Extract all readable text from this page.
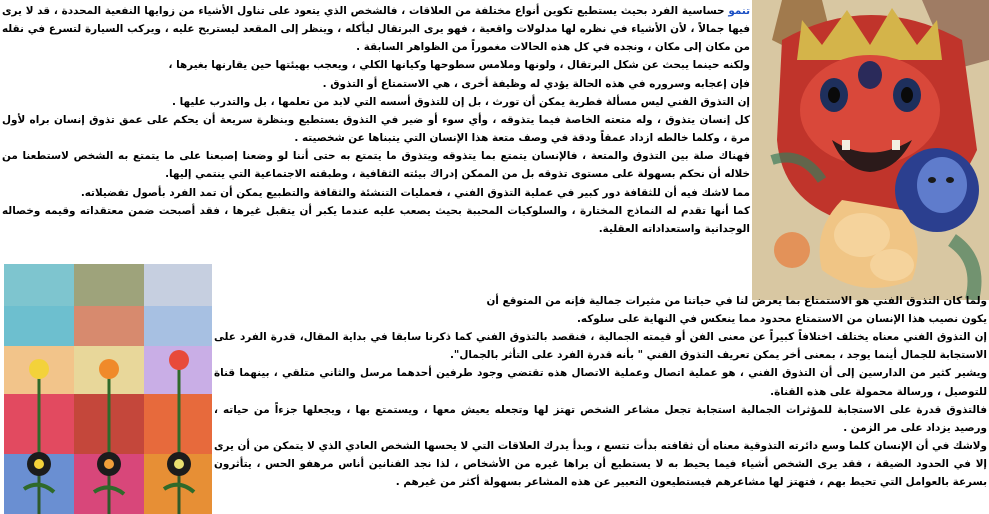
تنمو حساسية الفرد بحيث يستطيع تكوين أنواع مختلفة من العلاقات ، فالشخص الذي يتعود على تناول الأشياء من زوايها النفعية المحددة ، قد لا يرى فيها جمالاً ، لأن الأشياء في نظره لها مدلولات واقعية ، فهو يرى البرتقال ليأكله ، وينظر إلى المقعد ليستريح عليه ، ويركب السيارة لتسرع في نقله من مكان إلى مكان ، ونجده في كل هذه الحالات مغموراً من الظواهر السابقة .

ولكنه حينما يبحث عن شكل البرتقال ، ولونها وملامس سطوحها وكيانها الكلي ، ويعجب بهيئتها حين يقارنها بغيرها ،

فإن إعجابه وسروره في هذه الحالة يؤدي له وظيفة أخرى ، هي الاستمتاع أو التذوق .

إن التذوق الفني ليس مسألة فطرية يمكن أن تورث ، بل إن للتذوق أسسه التي لابد من تعلمها ، بل والتدرب عليها .

كل إنسان يتذوق ، وله متعته الخاصة فيما يتذوقه ، وأي سوء أو ضير في التذوق يستطيع وبنظرة سريعة أن يحكم على عمق تذوق إنسان براه لأول مرة ، وكلما خالطه ازداد عمقاً ودقة في وصف متعة هذا الإنسان التي يتبناها عن شخصيته .

فهناك صلة بين التذوق والمتعة ، فالإنسان يتمتع بما يتذوقه ويتذوق ما يتمتع به حتى أننا لو وضعنا إصبعنا على ما يتمتع به الشخص لاستطعنا من خلاله أن نحكم بسهولة على مستوى تذوقه بل من الممكن إدراك بيئته الثقافية ، وطبقته الاجتماعية التي ينتمي إليها.

مما لاشك فيه أن للثقافة دور كبير في عملية التذوق الفني ، فعمليات التنشئة والثقافة والتطبيع يمكن أن تمد الفرد بأصول تفضيلاته.

كما أنها تقدم له النماذج المختارة ، والسلوكيات المحببة بحيث يصعب عليه عندما يكبر أن يتقبل غيرها ، فقد أصبحت ضمن معتقداته وقيمه وخصاله الوجدانية واستعداداته العقلية.

ولما كان التذوق الفني هو الاستمتاع بما يعرض لنا في حياتنا من مثيرات جمالية فإنه من المتوقع أن

يكون نصيب هذا الإنسان من الاستمتاع محدود مما ينعكس في النهاية على سلوكه.

إن التذوق الفني معناه يختلف اختلافاً كبيراً عن معنى الفن أو قيمته الجمالية ، فنقصد بالتذوق الفني كما ذكرنا سابقا في بداية المقال، قدرة الفرد على الاستجابة للجمال أينما يوجد ، بمعنى أخر يمكن تعريف التذوق الفني " بأنه قدرة الفرد على التأثر بالجمال".

ويشير كثير من الدارسين إلى أن التذوق الفني ، هو عملية اتصال وعملية الاتصال هذه تقتضي وجود طرفين أحدهما مرسل والثاني متلقي ، بينهما قناة للتوصيل ، ورسالة محمولة على هذه القناة.

فالتذوق قدرة على الاستجابة للمؤثرات الجمالية استجابة تجعل مشاعر الشخص تهتز لها وتجعله يعيش معها ، ويستمتع بها ، ويجعلها جزءاً من حياته ، ورصيد يزداد على مر الزمن .

ولاشك في أن الإنسان كلما وسع دائرته التذوقية معناه أن ثقافته بدأت تتسع ، وبدأ يدرك العلاقات التي لا يحسها الشخص العادي الذي لا يتمكن من أن يرى إلا في الحدود الضيقة ، فقد يرى الشخص أشياء فيما يحيط به لا يستطيع أن يراها غيره من الأشخاص ، لذا نجد الفنانين أناس مرهفو الحس ، يتأثرون بسرعة بالعوامل التي تحيط بهم ، فتهتز لها مشاعرهم فيستطيعون التعبير عن هذه المشاعر بسهولة أكثر من غيرهم .
